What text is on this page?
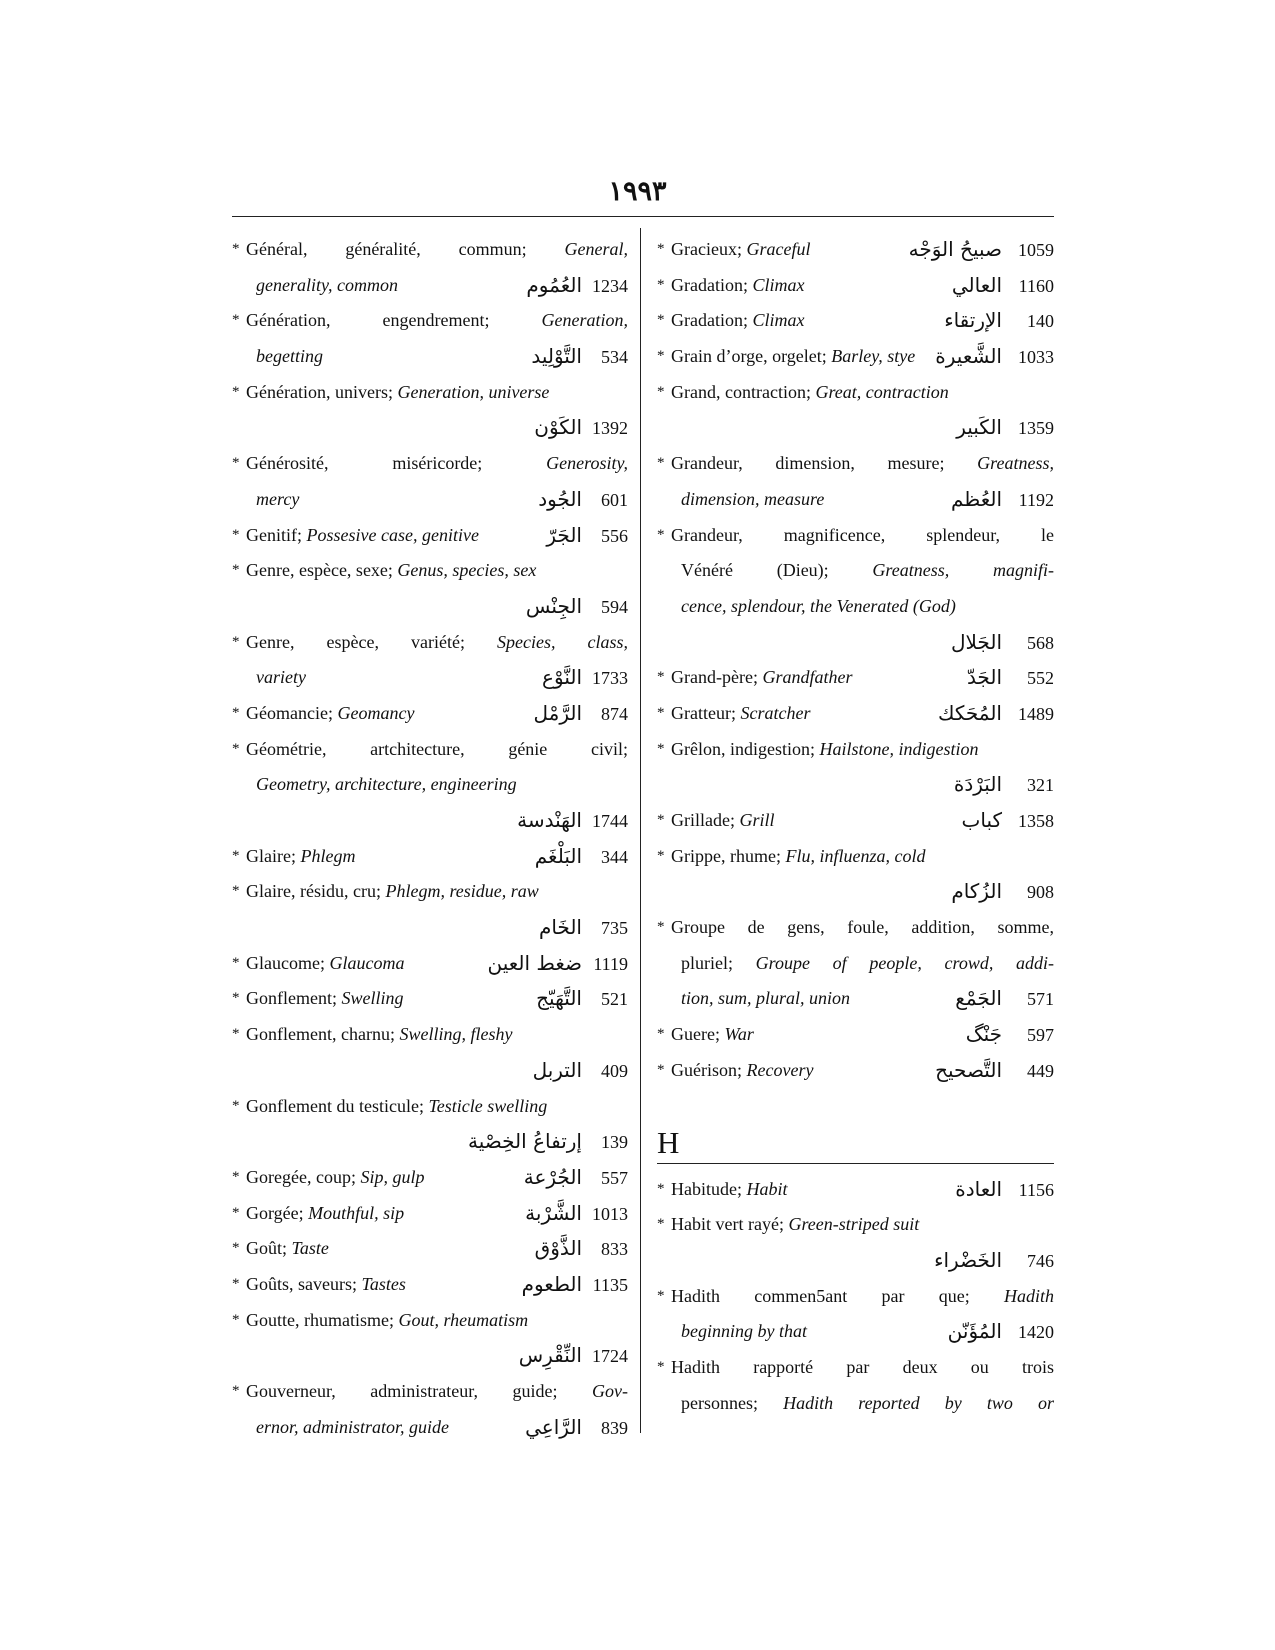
١٩٩٣
* Général, généralité, commun; General,
generality, common	العُمُوم 1234
* Génération, engendrement; Generation,
begetting	التَّوْلِيد 534
* Génération, univers; Generation, universe
الكَوْن 1392
* Générosité, miséricorde; Generosity,
mercy	الجُود 601
* Genitif; Possesive case, genitive	الجَرّ 556
* Genre, espèce, sexe; Genus, species, sex
الجِنْس 594
* Genre, espèce, variété; Species, class,
variety	النَّوْع 1733
* Géomancie; Geomancy	الرَّمْل 874
* Géométrie, artchitecture, génie civil;
Geometry, architecture, engineering
الهَنْدسة 1744
* Glaire; Phlegm	البَلْغَم 344
* Glaire, résidu, cru; Phlegm, residue, raw
الخَام 735
* Glaucome; Glaucoma	ضغط العين 1119
* Gonflement; Swelling	التَّهَيّج 521
* Gonflement, charnu; Swelling, fleshy
التربل 409
* Gonflement du testicule; Testicle swelling
إرتفاعُ الخِصْية 139
* Goregée, coup; Sip, gulp	الجُرْعة 557
* Gorgée; Mouthful, sip	الشَّرْبة 1013
* Goût; Taste	الذَّوْق 833
* Goûts, saveurs; Tastes	الطعوم 1135
* Goutte, rhumatisme; Gout, rheumatism
النِّقْرِس 1724
* Gouverneur, administrateur, guide; Gov-
ernor, administrator, guide	الرَّاعِي 839
* Gracieux; Graceful	صبيحُ الوَجْه 1059
* Gradation; Climax	العالي 1160
* Gradation; Climax	الإرتقاء 140
* Grain d’orge, orgelet; Barley, stye الشَّعيرة 1033
* Grand, contraction; Great, contraction
الكَبير 1359
* Grandeur, dimension, mesure; Greatness,
dimension, measure	العُظم 1192
* Grandeur, magnificence, splendeur, le
Vénéré (Dieu); Greatness, magnifi-
cence, splendour, the Venerated (God)
الجَلال 568
* Grand-père; Grandfather	الجَدّ 552
* Gratteur; Scratcher	المُحَكك 1489
* Grêlon, indigestion; Hailstone, indigestion
البَرْدَة 321
* Grillade; Grill	كباب 1358
* Grippe, rhume; Flu, influenza, cold
الزُكام 908
* Groupe de gens, foule, addition, somme,
pluriel; Groupe of people, crowd, addi-
tion, sum, plural, union	الجَمْع 571
* Guere; War	جَنْگ 597
* Guérison; Recovery	التَّصحيح 449
H
* Habitude; Habit	العادة 1156
* Habit vert rayé; Green-striped suit
الخَضْراء 746
* Hadith commen5ant par que; Hadith
beginning by that	المُؤَنّن 1420
* Hadith rapporté par deux ou trois
personnes; Hadith reported by two or
